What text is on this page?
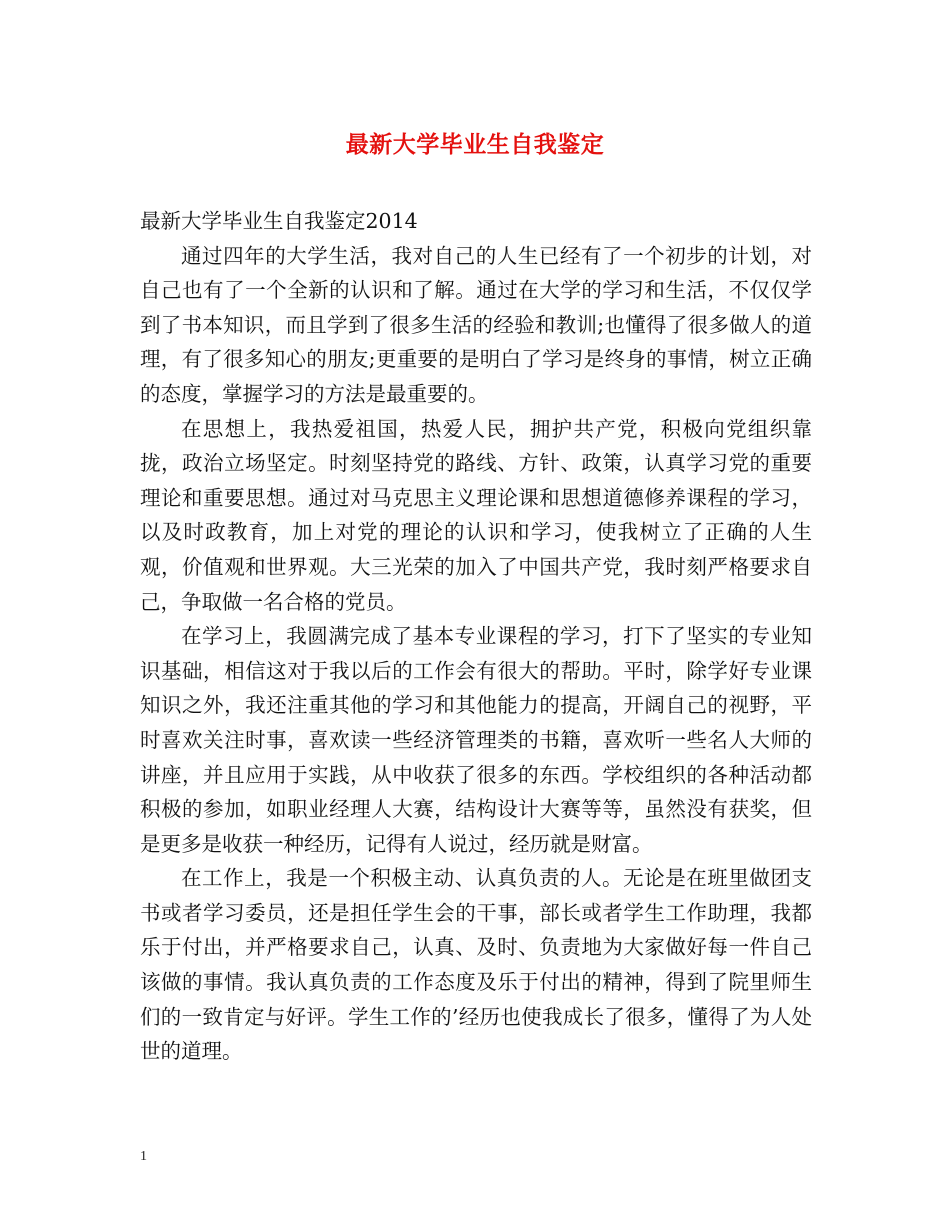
最新大学毕业生自我鉴定

最新大学毕业生自我鉴定2014

通过四年的大学生活，我对自己的人生已经有了一个初步的计划，对自己也有了一个全新的认识和了解。通过在大学的学习和生活，不仅仅学到了书本知识，而且学到了很多生活的经验和教训;也懂得了很多做人的道理，有了很多知心的朋友;更重要的是明白了学习是终身的事情，树立正确的态度，掌握学习的方法是最重要的。

在思想上，我热爱祖国，热爱人民，拥护共产党，积极向党组织靠拢，政治立场坚定。时刻坚持党的路线、方针、政策，认真学习党的重要理论和重要思想。通过对马克思主义理论课和思想道德修养课程的学习，以及时政教育，加上对党的理论的认识和学习，使我树立了正确的人生观，价值观和世界观。大三光荣的加入了中国共产党，我时刻严格要求自己，争取做一名合格的党员。

在学习上，我圆满完成了基本专业课程的学习，打下了坚实的专业知识基础，相信这对于我以后的工作会有很大的帮助。平时，除学好专业课知识之外，我还注重其他的学习和其他能力的提高，开阔自己的视野，平时喜欢关注时事，喜欢读一些经济管理类的书籍，喜欢听一些名人大师的讲座，并且应用于实践，从中收获了很多的东西。学校组织的各种活动都积极的参加，如职业经理人大赛，结构设计大赛等等，虽然没有获奖，但是更多是收获一种经历，记得有人说过，经历就是财富。

在工作上，我是一个积极主动、认真负责的人。无论是在班里做团支书或者学习委员，还是担任学生会的干事，部长或者学生工作助理，我都乐于付出，并严格要求自己，认真、及时、负责地为大家做好每一件自己该做的事情。我认真负责的工作态度及乐于付出的精神，得到了院里师生们的一致肯定与好评。学生工作的’经历也使我成长了很多，懂得了为人处世的道理。

1
